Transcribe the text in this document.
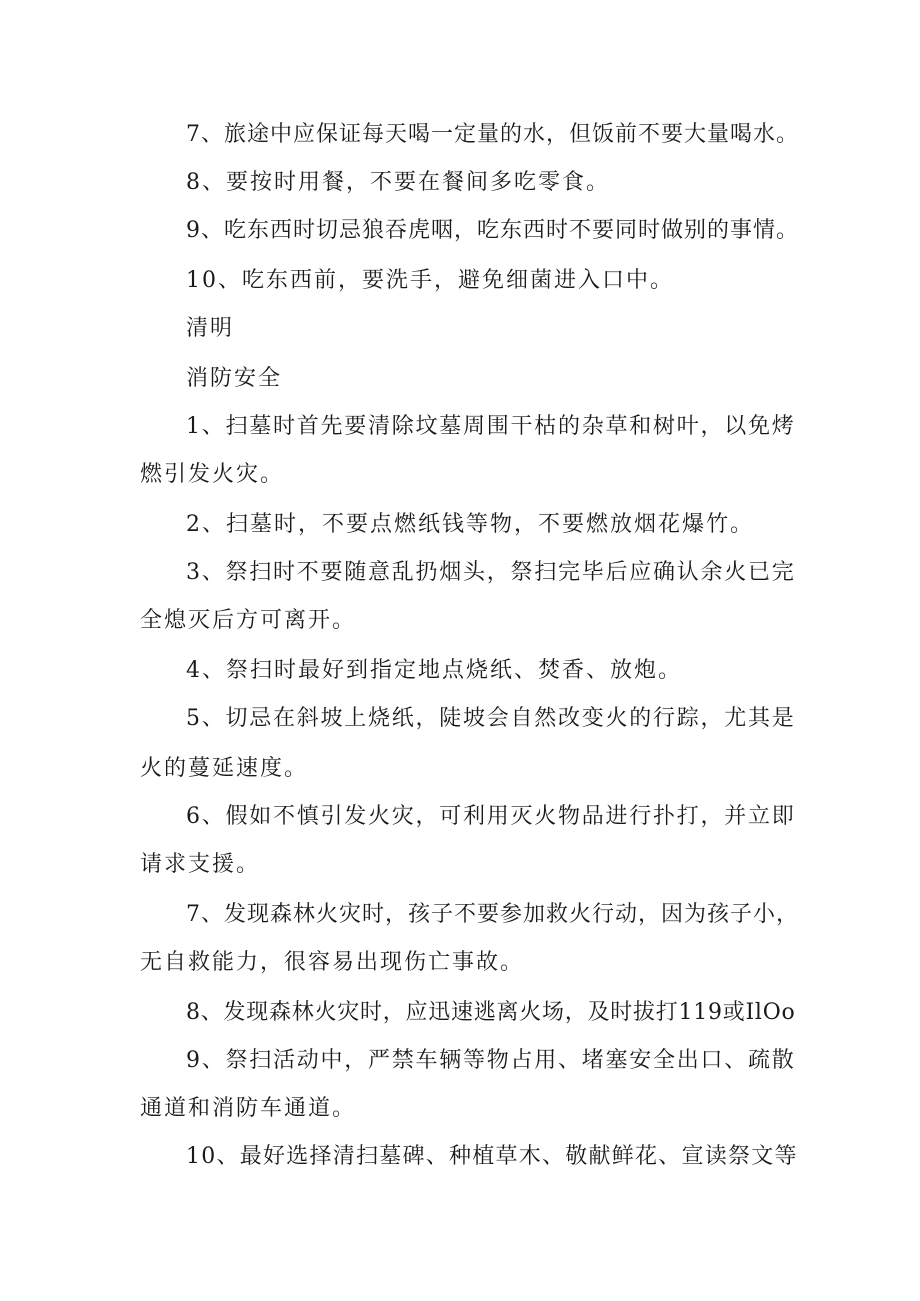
7、旅途中应保证每天喝一定量的水，但饭前不要大量喝水。
8、要按时用餐，不要在餐间多吃零食。
9、吃东西时切忌狼吞虎咽，吃东西时不要同时做别的事情。
10、吃东西前，要洗手，避免细菌进入口中。
清明
消防安全
1、扫墓时首先要清除坟墓周围干枯的杂草和树叶，以免烤
燃引发火灾。
2、扫墓时，不要点燃纸钱等物，不要燃放烟花爆竹。
3、祭扫时不要随意乱扔烟头，祭扫完毕后应确认余火已完
全熄灭后方可离开。
4、祭扫时最好到指定地点烧纸、焚香、放炮。
5、切忌在斜坡上烧纸，陡坡会自然改变火的行踪，尤其是
火的蔓延速度。
6、假如不慎引发火灾，可利用灭火物品进行扑打，并立即
请求支援。
7、发现森林火灾时，孩子不要参加救火行动，因为孩子小，
无自救能力，很容易出现伤亡事故。
8、发现森林火灾时，应迅速逃离火场，及时拔打119或IlOo
9、祭扫活动中，严禁车辆等物占用、堵塞安全出口、疏散
通道和消防车通道。
10、最好选择清扫墓碑、种植草木、敬献鲜花、宣读祭文等
